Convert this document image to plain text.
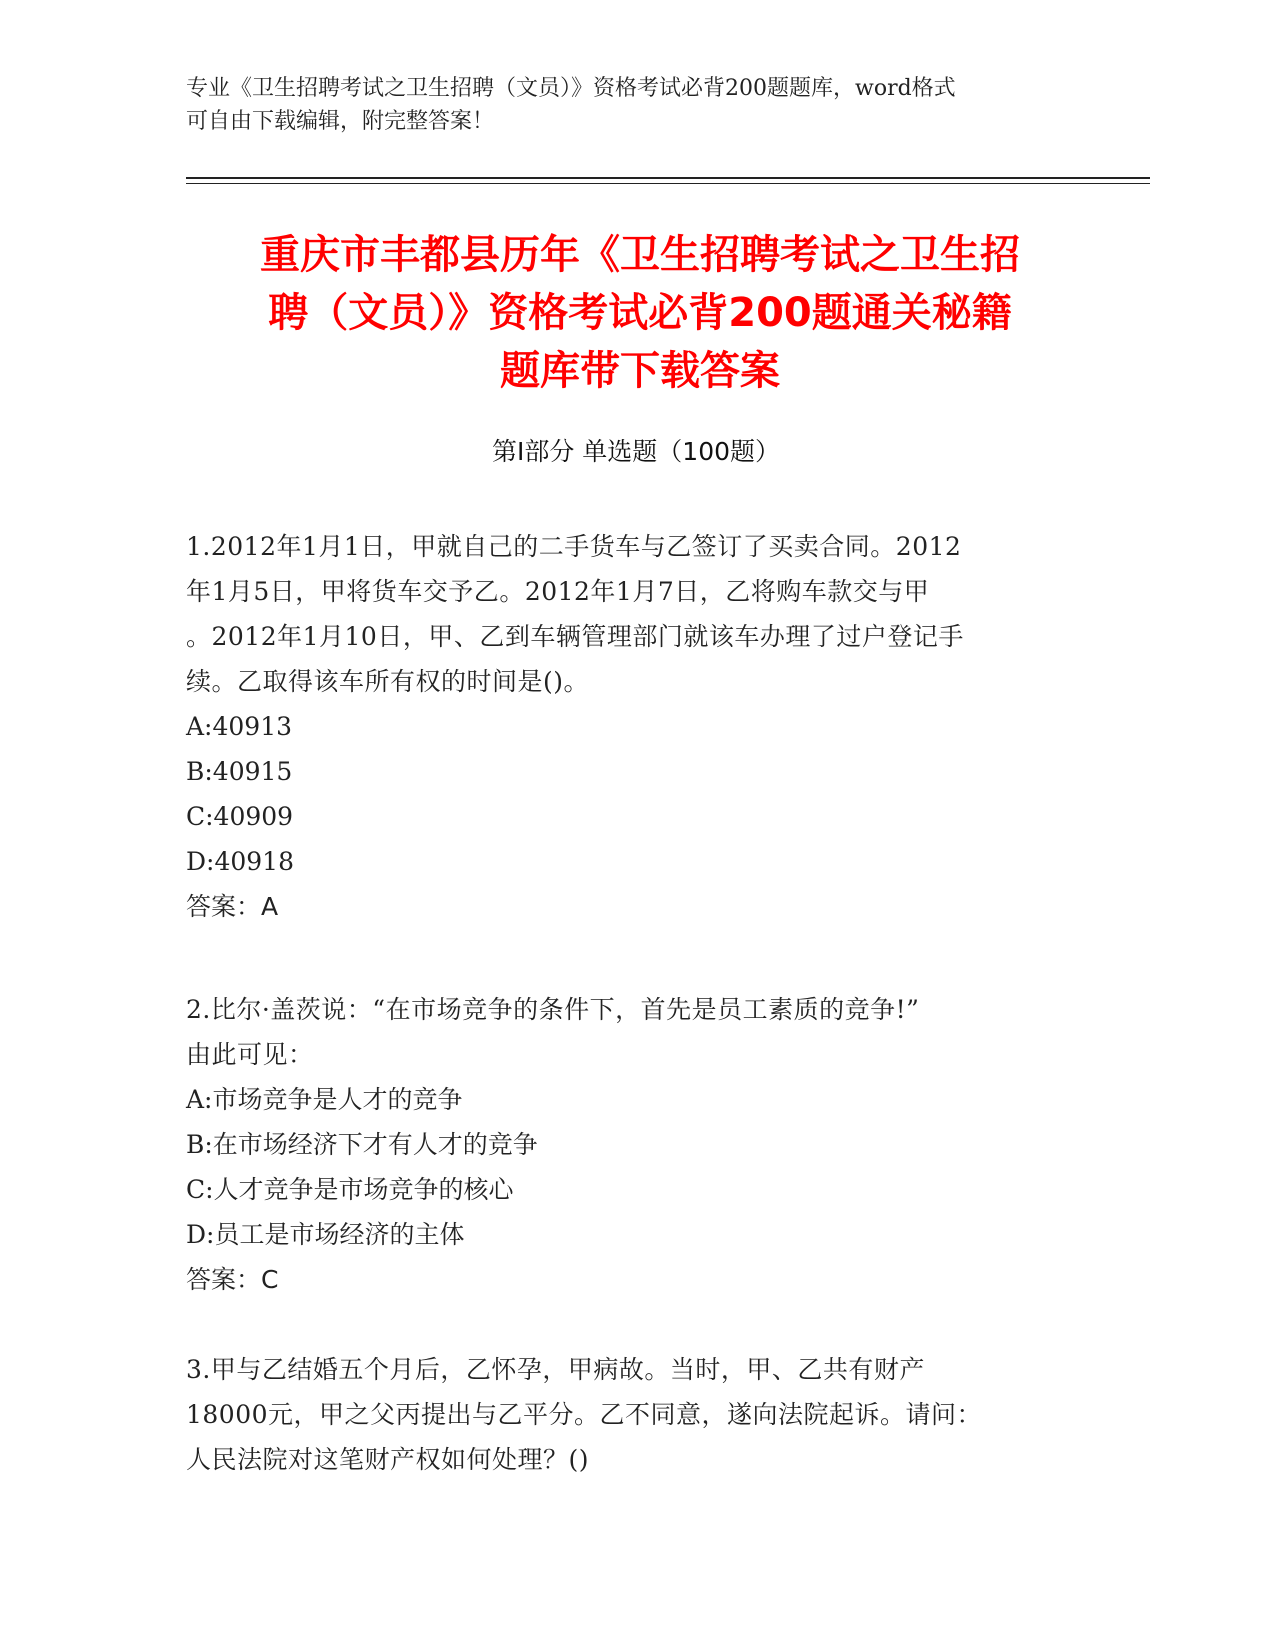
专业《卫生招聘考试之卫生招聘（文员）》资格考试必背200题题库，word格式
可自由下载编辑，附完整答案！
重庆市丰都县历年《卫生招聘考试之卫生招
聘（文员）》资格考试必背200题通关秘籍
题库带下载答案
第Ⅰ部分 单选题（100题）

1.2012年1月1日，甲就自己的二手货车与乙签订了买卖合同。2012

年1月5日，甲将货车交予乙。2012年1月7日，乙将购车款交与甲

。2012年1月10日，甲、乙到车辆管理部门就该车办理了过户登记手

续。乙取得该车所有权的时间是()。

A:40913

B:40915

C:40909

D:40918

答案：A

2.比尔·盖茨说：“在市场竞争的条件下，首先是员工素质的竞争!”

由此可见：

A:市场竞争是人才的竞争

B:在市场经济下才有人才的竞争

C:人才竞争是市场竞争的核心

D:员工是市场经济的主体

答案：C

3.甲与乙结婚五个月后，乙怀孕，甲病故。当时，甲、乙共有财产

18000元，甲之父丙提出与乙平分。乙不同意，遂向法院起诉。请问：

人民法院对这笔财产权如何处理？()
